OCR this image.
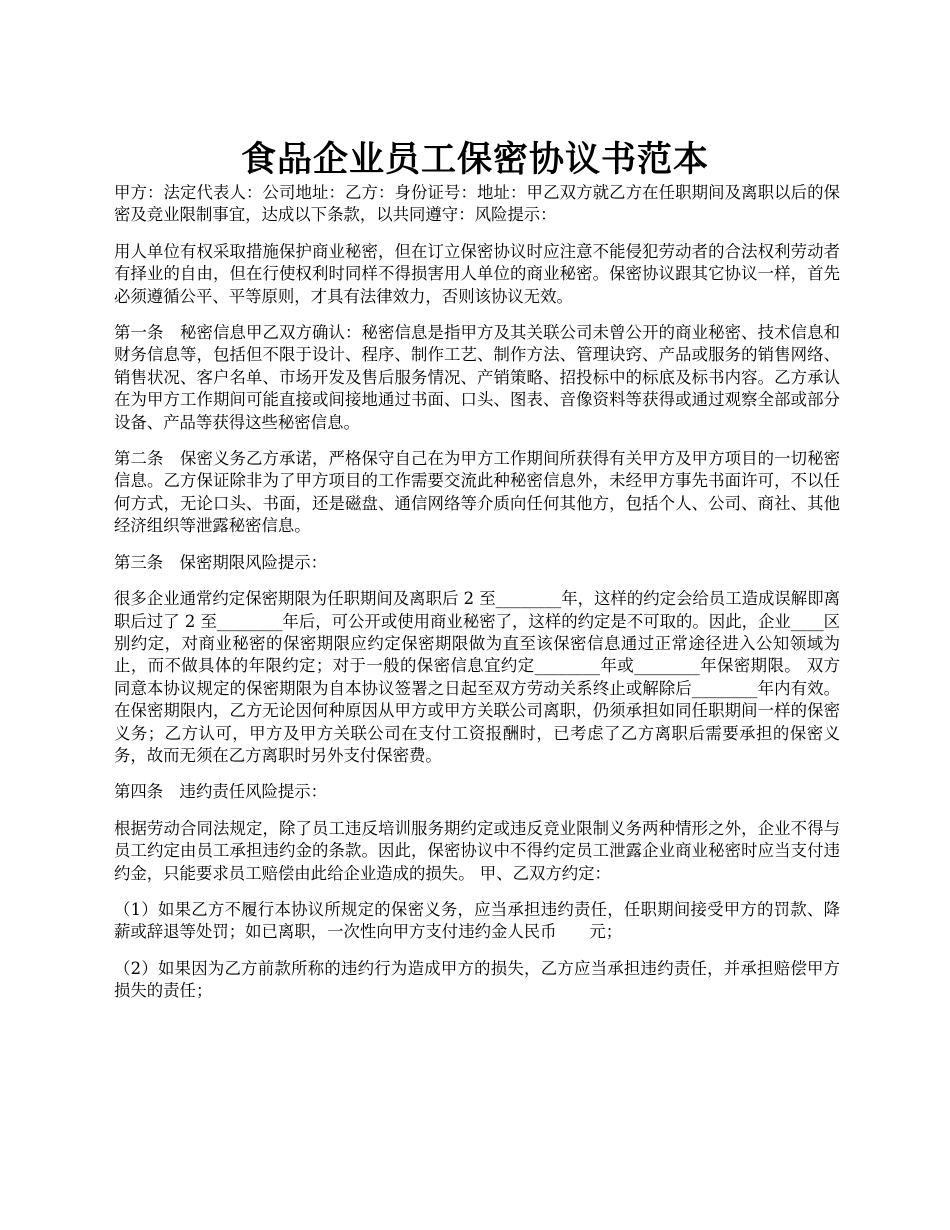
食品企业员工保密协议书范本

甲方：法定代表人：公司地址：乙方：身份证号：地址：甲乙双方就乙方在任职期间及离职以后的保密及竞业限制事宜，达成以下条款，以共同遵守：风险提示：

用人单位有权采取措施保护商业秘密，但在订立保密协议时应注意不能侵犯劳动者的合法权利劳动者有择业的自由，但在行使权利时同样不得损害用人单位的商业秘密。保密协议跟其它协议一样，首先必须遵循公平、平等原则，才具有法律效力，否则该协议无效。

第一条　秘密信息甲乙双方确认：秘密信息是指甲方及其关联公司未曾公开的商业秘密、技术信息和财务信息等，包括但不限于设计、程序、制作工艺、制作方法、管理诀窍、产品或服务的销售网络、销售状况、客户名单、市场开发及售后服务情况、产销策略、招投标中的标底及标书内容。乙方承认在为甲方工作期间可能直接或间接地通过书面、口头、图表、音像资料等获得或通过观察全部或部分设备、产品等获得这些秘密信息。

第二条　保密义务乙方承诺，严格保守自己在为甲方工作期间所获得有关甲方及甲方项目的一切秘密信息。乙方保证除非为了甲方项目的工作需要交流此种秘密信息外，未经甲方事先书面许可，不以任何方式，无论口头、书面，还是磁盘、通信网络等介质向任何其他方，包括个人、公司、商社、其他经济组织等泄露秘密信息。

第三条　保密期限风险提示：

很多企业通常约定保密期限为任职期间及离职后 2 至________年，这样的约定会给员工造成误解即离职后过了 2 至________年后，可公开或使用商业秘密了，这样的约定是不可取的。因此，企业____区别约定，对商业秘密的保密期限应约定保密期限做为直至该保密信息通过正常途径进入公知领域为止，而不做具体的年限约定；对于一般的保密信息宜约定________年或________年保密期限。 双方同意本协议规定的保密期限为自本协议签署之日起至双方劳动关系终止或解除后________年内有效。在保密期限内，乙方无论因何种原因从甲方或甲方关联公司离职，仍须承担如同任职期间一样的保密义务；乙方认可，甲方及甲方关联公司在支付工资报酬时，已考虑了乙方离职后需要承担的保密义务，故而无须在乙方离职时另外支付保密费。

第四条　违约责任风险提示：

根据劳动合同法规定，除了员工违反培训服务期约定或违反竞业限制义务两种情形之外，企业不得与员工约定由员工承担违约金的条款。因此，保密协议中不得约定员工泄露企业商业秘密时应当支付违约金，只能要求员工赔偿由此给企业造成的损失。 甲、乙双方约定：

（1）如果乙方不履行本协议所规定的保密义务，应当承担违约责任，任职期间接受甲方的罚款、降薪或辞退等处罚；如已离职，一次性向甲方支付违约金人民币　　元；

（2）如果因为乙方前款所称的违约行为造成甲方的损失，乙方应当承担违约责任，并承担赔偿甲方损失的责任；
